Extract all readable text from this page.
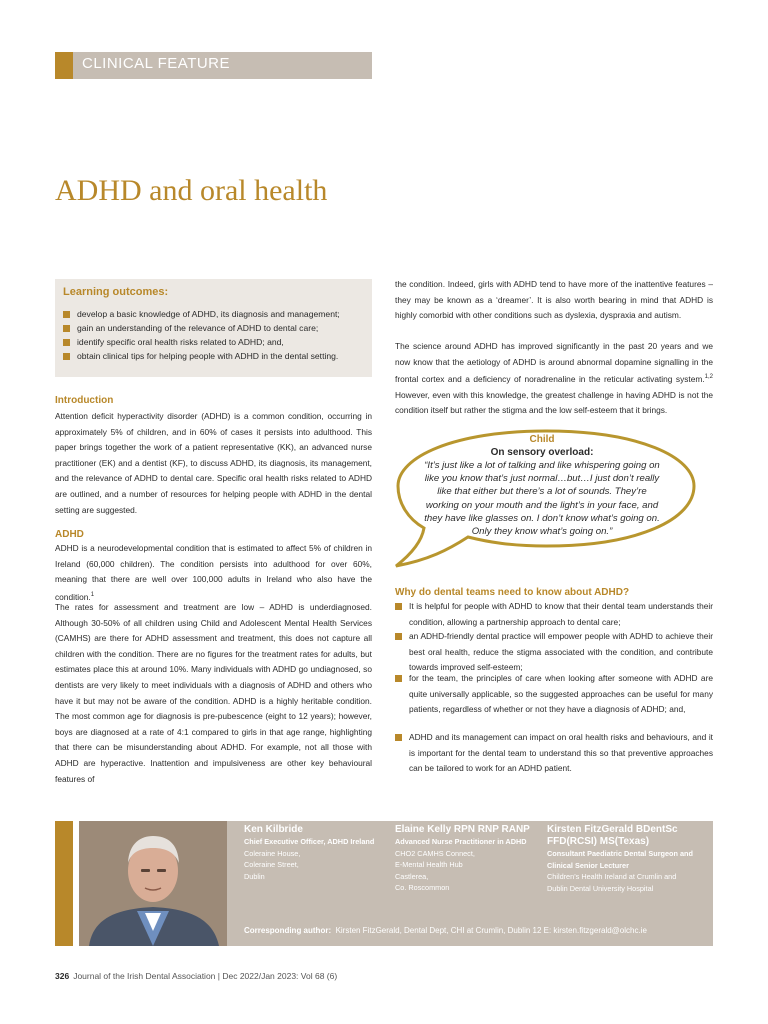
CLINICAL FEATURE
ADHD and oral health
Learning outcomes:
develop a basic knowledge of ADHD, its diagnosis and management;
gain an understanding of the relevance of ADHD to dental care;
identify specific oral health risks related to ADHD; and,
obtain clinical tips for helping people with ADHD in the dental setting.
Introduction

Attention deficit hyperactivity disorder (ADHD) is a common condition, occurring in approximately 5% of children, and in 60% of cases it persists into adulthood. This paper brings together the work of a patient representative (KK), an advanced nurse practitioner (EK) and a dentist (KF), to discuss ADHD, its diagnosis, its management, and the relevance of ADHD to dental care. Specific oral health risks related to ADHD are outlined, and a number of resources for helping people with ADHD in the dental setting are suggested.

ADHD

ADHD is a neurodevelopmental condition that is estimated to affect 5% of children in Ireland (60,000 children). The condition persists into adulthood for over 60%, meaning that there are well over 100,000 adults in Ireland who also have the condition.$^1$

The rates for assessment and treatment are low – ADHD is underdiagnosed. Although 30-50% of all children using Child and Adolescent Mental Health Services (CAMHS) are there for ADHD assessment and treatment, this does not capture all children with the condition. There are no figures for the treatment rates for adults, but estimates place this at around 10%. Many individuals with ADHD go undiagnosed, so dentists are very likely to meet individuals with a diagnosis of ADHD and others who have it but may not be aware of the condition. ADHD is a highly heritable condition. The most common age for diagnosis is pre-pubescence (eight to 12 years); however, boys are diagnosed at a rate of 4:1 compared to girls in that age range, highlighting that there can be misunderstanding about ADHD. For example, not all those with ADHD are hyperactive. Inattention and impulsiveness are other key behavioural features of

the condition. Indeed, girls with ADHD tend to have more of the inattentive features – they may be known as a ‘dreamer’. It is also worth bearing in mind that ADHD is highly comorbid with other conditions such as dyslexia, dyspraxia and autism.

The science around ADHD has improved significantly in the past 20 years and we now know that the aetiology of ADHD is around abnormal dopamine signalling in the frontal cortex and a deficiency of noradrenaline in the reticular activating system.$^{1,2}$ However, even with this knowledge, the greatest challenge in having ADHD is not the condition itself but rather the stigma and the low self-esteem that it brings.

Child
On sensory overload:

“It’s just like a lot of talking and like whispering going on like you know that’s just normal…but…I just don’t really like that either but there’s a lot of sounds. They’re working on your mouth and the light’s in your face, and they have like glasses on. I don’t know what’s going on. Only they know what’s going on.”

Why do dental teams need to know about ADHD?
It is helpful for people with ADHD to know that their dental team understands their condition, allowing a partnership approach to dental care;
an ADHD-friendly dental practice will empower people with ADHD to achieve their best oral health, reduce the stigma associated with the condition, and contribute towards improved self-esteem;
for the team, the principles of care when looking after someone with ADHD are quite universally applicable, so the suggested approaches can be useful for many patients, regardless of whether or not they have a diagnosis of ADHD; and,
ADHD and its management can impact on oral health risks and behaviours, and it is important for the dental team to understand this so that preventive approaches can be tailored to work for an ADHD patient.
Ken Kilbride
Chief Executive Officer, ADHD Ireland
Coleraine House,
Coleraine Street,
Dublin
Elaine Kelly RPN RNP RANP
Advanced Nurse Practitioner in ADHD
CHO2 CAMHS Connect,
E-Mental Health Hub
Castlerea,
Co. Roscommon
Kirsten FitzGerald BDentSc FFD(RCSI) MS(Texas)
Consultant Paediatric Dental Surgeon and Clinical Senior Lecturer
Children’s Health Ireland at Crumlin and
Dublin Dental University Hospital
Corresponding author: Kirsten FitzGerald, Dental Dept, CHI at Crumlin, Dublin 12 E: kirsten.fitzgerald@olchc.ie
326 Journal of the Irish Dental Association | Dec 2022/Jan 2023: Vol 68 (6)
